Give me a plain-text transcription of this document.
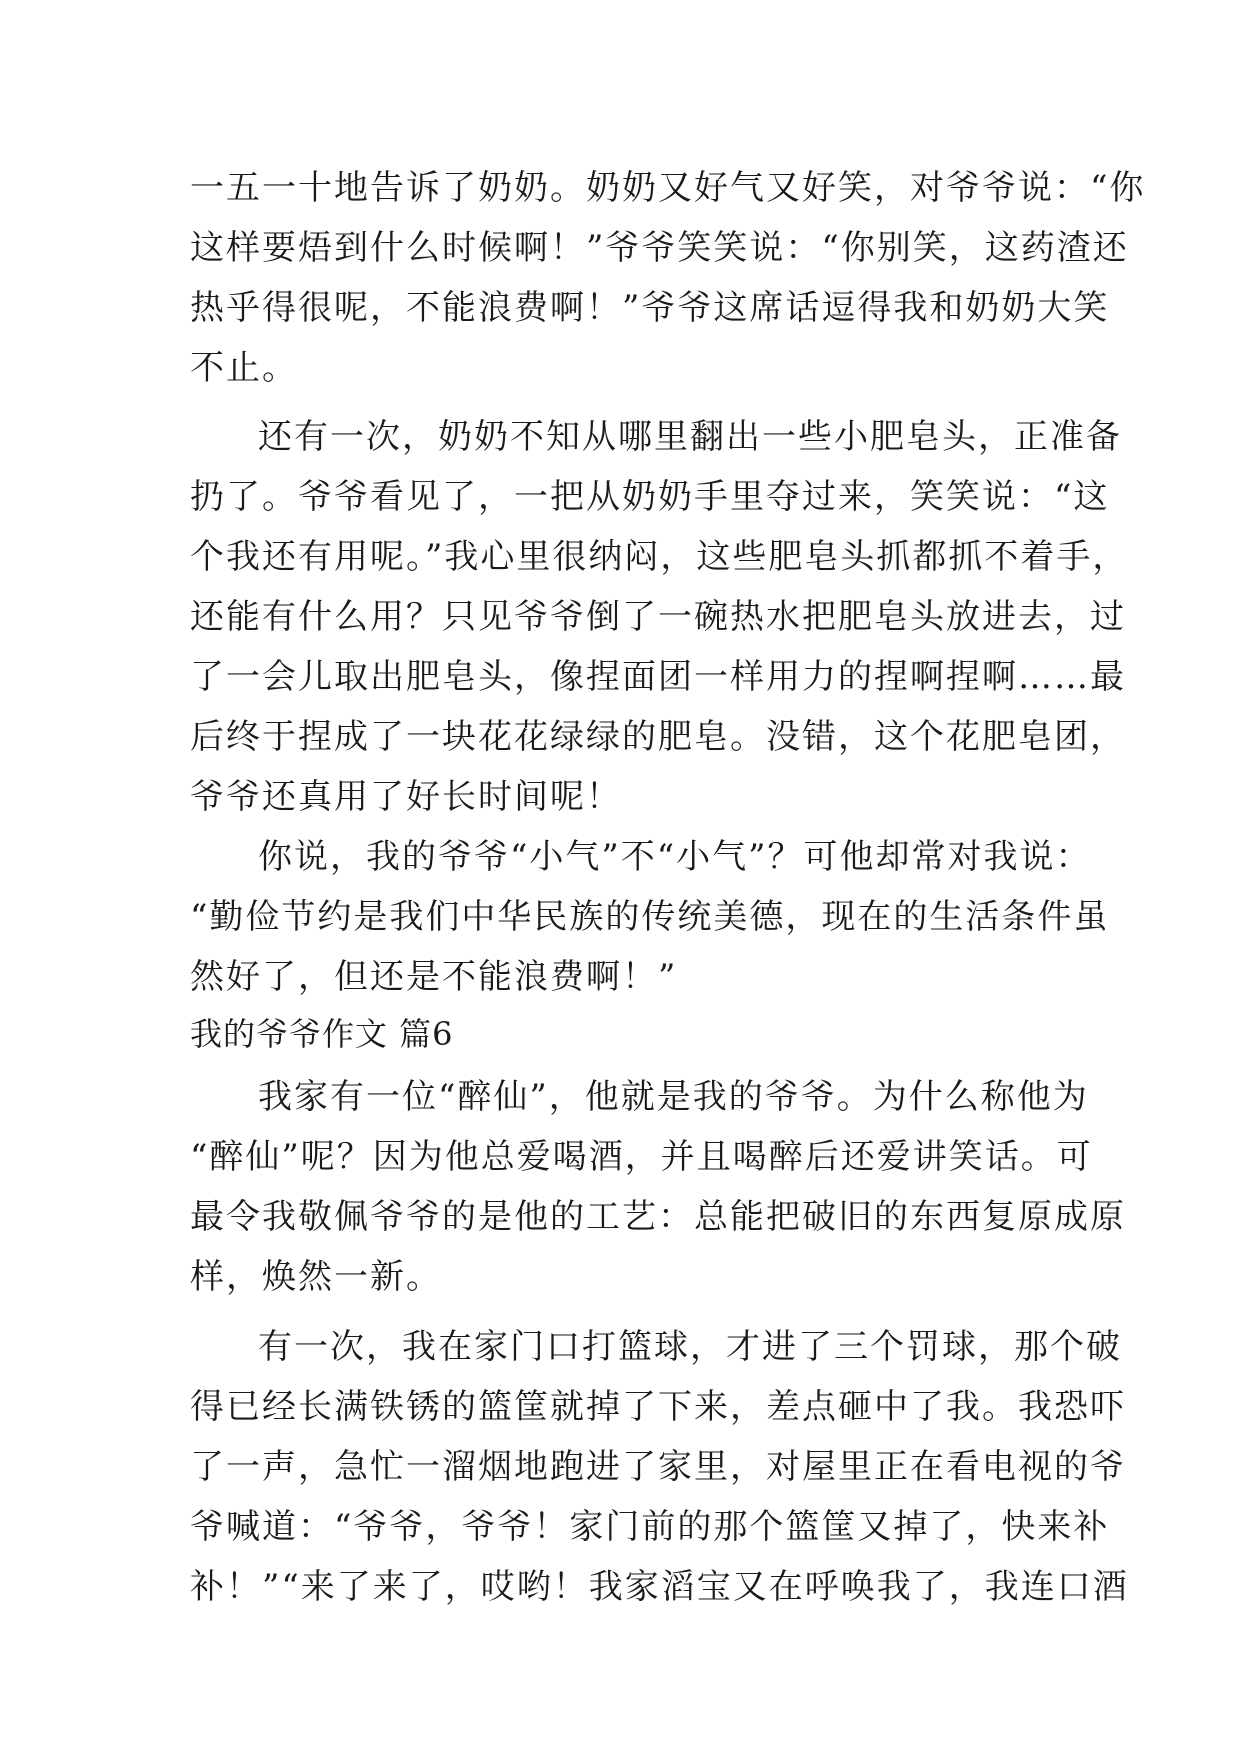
一五一十地告诉了奶奶。奶奶又好气又好笑，对爷爷说：“你
这样要焐到什么时候啊！”爷爷笑笑说：“你别笑，这药渣还
热乎得很呢，不能浪费啊！”爷爷这席话逗得我和奶奶大笑
不止。
还有一次，奶奶不知从哪里翻出一些小肥皂头，正准备
扔了。爷爷看见了，一把从奶奶手里夺过来，笑笑说：“这
个我还有用呢。”我心里很纳闷，这些肥皂头抓都抓不着手，
还能有什么用？只见爷爷倒了一碗热水把肥皂头放进去，过
了一会儿取出肥皂头，像捏面团一样用力的捏啊捏啊……最
后终于捏成了一块花花绿绿的肥皂。没错，这个花肥皂团，
爷爷还真用了好长时间呢！
你说，我的爷爷“小气”不“小气”？可他却常对我说：
“勤俭节约是我们中华民族的传统美德，现在的生活条件虽
然好了，但还是不能浪费啊！”
我的爷爷作文 篇6
我家有一位“醉仙”，他就是我的爷爷。为什么称他为
“醉仙”呢？因为他总爱喝酒，并且喝醉后还爱讲笑话。可
最令我敬佩爷爷的是他的工艺：总能把破旧的东西复原成原
样，焕然一新。
有一次，我在家门口打篮球，才进了三个罚球，那个破
得已经长满铁锈的篮筐就掉了下来，差点砸中了我。我恐吓
了一声，急忙一溜烟地跑进了家里，对屋里正在看电视的爷
爷喊道：“爷爷，爷爷！家门前的那个篮筐又掉了，快来补
补！”“来了来了，哎哟！我家滔宝又在呼唤我了，我连口酒
